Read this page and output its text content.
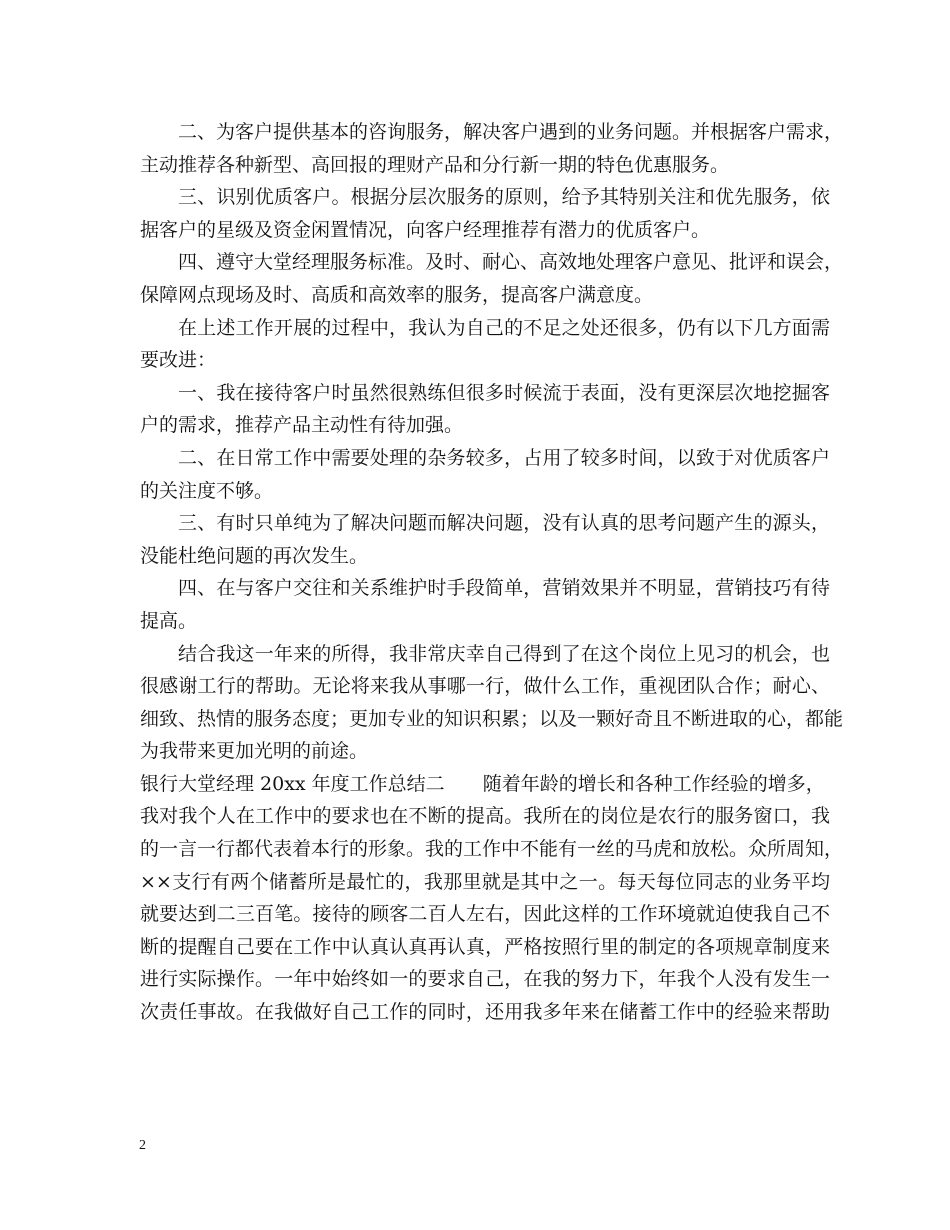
二、为客户提供基本的咨询服务，解决客户遇到的业务问题。并根据客户需求，
主动推荐各种新型、高回报的理财产品和分行新一期的特色优惠服务。
三、识别优质客户。根据分层次服务的原则，给予其特别关注和优先服务，依
据客户的星级及资金闲置情况，向客户经理推荐有潜力的优质客户。
四、遵守大堂经理服务标准。及时、耐心、高效地处理客户意见、批评和误会，
保障网点现场及时、高质和高效率的服务，提高客户满意度。
在上述工作开展的过程中，我认为自己的不足之处还很多，仍有以下几方面需
要改进：
一、我在接待客户时虽然很熟练但很多时候流于表面，没有更深层次地挖掘客
户的需求，推荐产品主动性有待加强。
二、在日常工作中需要处理的杂务较多，占用了较多时间，以致于对优质客户
的关注度不够。
三、有时只单纯为了解决问题而解决问题，没有认真的思考问题产生的源头，
没能杜绝问题的再次发生。
四、在与客户交往和关系维护时手段简单，营销效果并不明显，营销技巧有待
提高。
结合我这一年来的所得，我非常庆幸自己得到了在这个岗位上见习的机会，也
很感谢工行的帮助。无论将来我从事哪一行，做什么工作，重视团队合作；耐心、
细致、热情的服务态度；更加专业的知识积累；以及一颗好奇且不断进取的心，都能
为我带来更加光明的前途。
银行大堂经理 20xx 年度工作总结二 随着年龄的增长和各种工作经验的增多，
我对我个人在工作中的要求也在不断的提高。我所在的岗位是农行的服务窗口，我
的一言一行都代表着本行的形象。我的工作中不能有一丝的马虎和放松。众所周知，
××支行有两个储蓄所是最忙的，我那里就是其中之一。每天每位同志的业务平均
就要达到二三百笔。接待的顾客二百人左右，因此这样的工作环境就迫使我自己不
断的提醒自己要在工作中认真认真再认真，严格按照行里的制定的各项规章制度来
进行实际操作。一年中始终如一的要求自己，在我的努力下，年我个人没有发生一
次责任事故。在我做好自己工作的同时，还用我多年来在储蓄工作中的经验来帮助
2
